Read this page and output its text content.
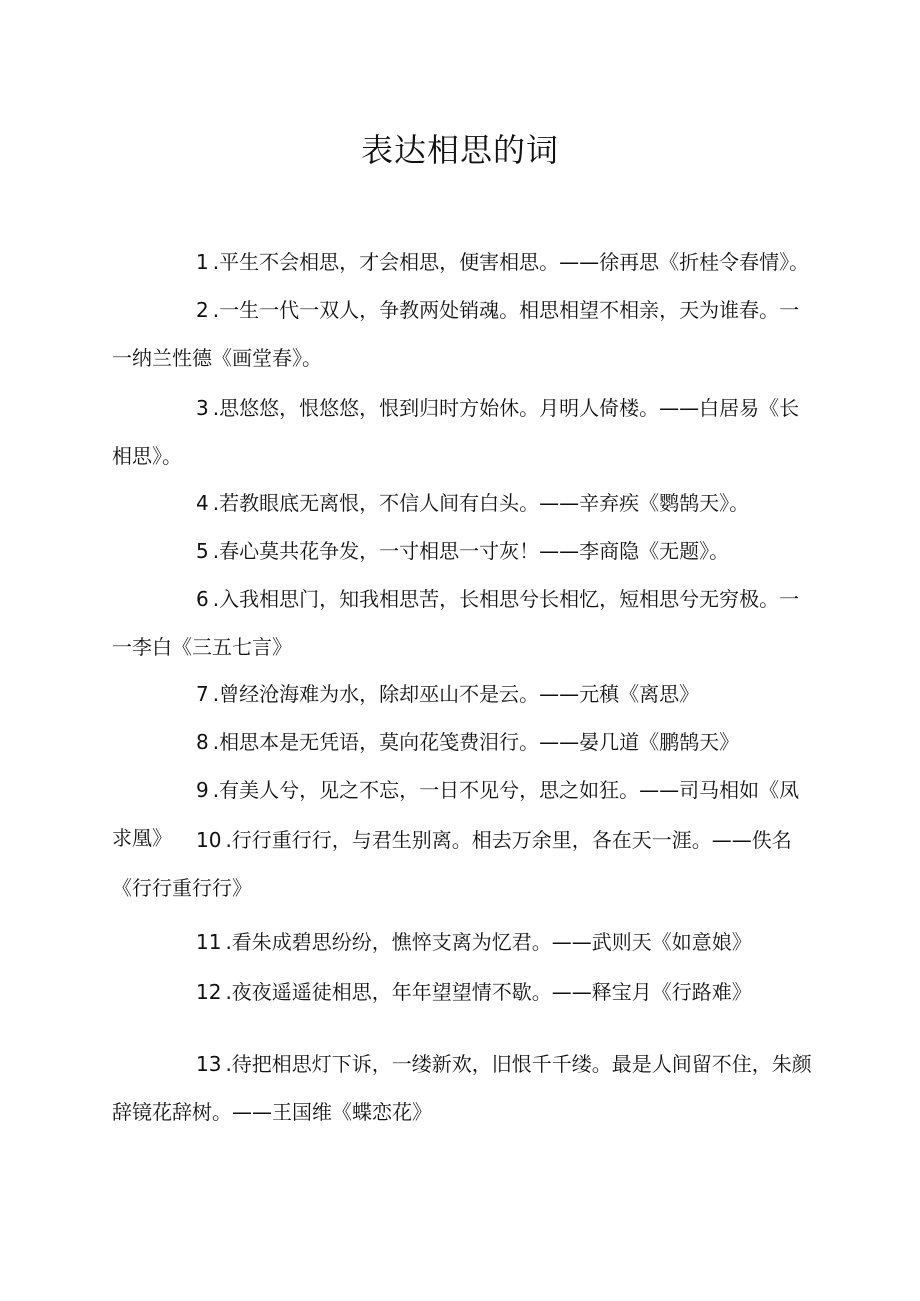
表达相思的词
1 .平生不会相思，才会相思，便害相思。——徐再思《折桂令春情》。
2 .一生一代一双人，争教两处销魂。相思相望不相亲，天为谁春。一一纳兰性德《画堂春》。
3 .思悠悠，恨悠悠，恨到归时方始休。月明人倚楼。——白居易《长相思》。
4 .若教眼底无离恨，不信人间有白头。——辛弃疾《鹦鹄天》。
5 .春心莫共花争发，一寸相思一寸灰！——李商隐《无题》。
6 .入我相思门，知我相思苦，长相思兮长相忆，短相思兮无穷极。一一李白《三五七言》
7 .曾经沧海难为水，除却巫山不是云。——元稹《离思》
8 .相思本是无凭语，莫向花笺费泪行。——晏几道《鹏鹄天》
9 .有美人兮，见之不忘，一日不见兮，思之如狂。——司马相如《凤求凰》	10 .行行重行行，与君生别离。相去万余里，各在天一涯。——佚名《行行重行行》
11 .看朱成碧思纷纷，憔悴支离为忆君。——武则天《如意娘》
12 .夜夜遥遥徒相思，年年望望情不歇。——释宝月《行路难》
13 .待把相思灯下诉，一缕新欢，旧恨千千缕。最是人间留不住，朱颜辞镜花辞树。——王国维《蝶恋花》
